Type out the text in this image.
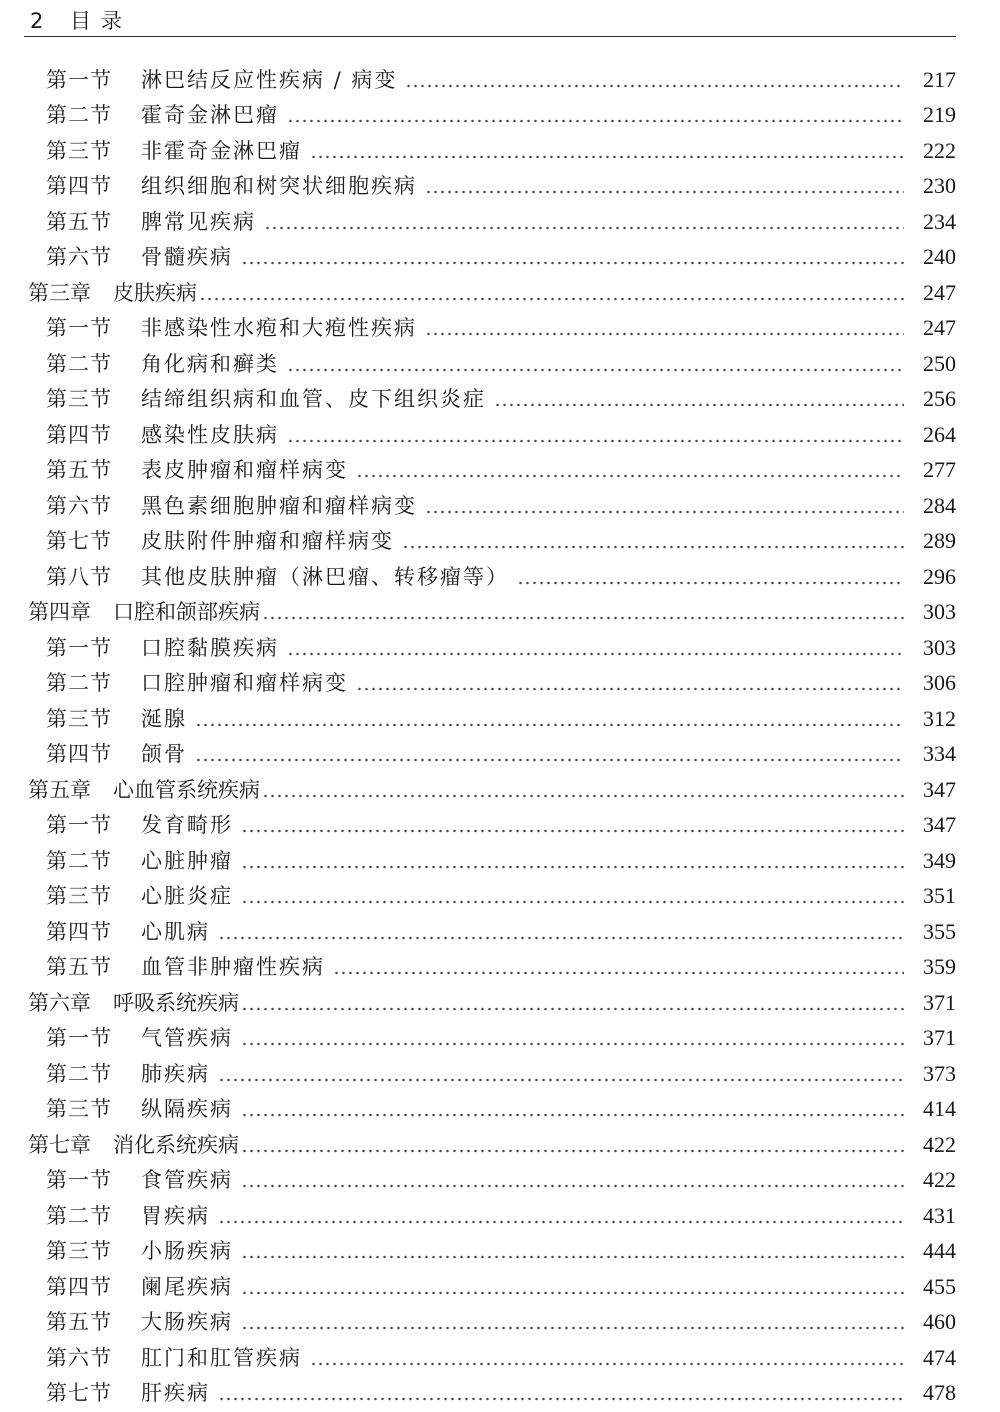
2 目录
第一节	淋巴结反应性疾病 / 病变	217
第二节	霍奇金淋巴瘤	219
第三节	非霍奇金淋巴瘤	222
第四节	组织细胞和树突状细胞疾病	230
第五节	脾常见疾病	234
第六节	骨髓疾病	240
第三章 皮肤疾病	247
第一节	非感染性水疱和大疱性疾病	247
第二节	角化病和癣类	250
第三节	结缔组织病和血管、皮下组织炎症	256
第四节	感染性皮肤病	264
第五节	表皮肿瘤和瘤样病变	277
第六节	黑色素细胞肿瘤和瘤样病变	284
第七节	皮肤附件肿瘤和瘤样病变	289
第八节	其他皮肤肿瘤（淋巴瘤、转移瘤等）	296
第四章 口腔和颌部疾病	303
第一节	口腔黏膜疾病	303
第二节	口腔肿瘤和瘤样病变	306
第三节	涎腺	312
第四节	颌骨	334
第五章 心血管系统疾病	347
第一节	发育畸形	347
第二节	心脏肿瘤	349
第三节	心脏炎症	351
第四节	心肌病	355
第五节	血管非肿瘤性疾病	359
第六章 呼吸系统疾病	371
第一节	气管疾病	371
第二节	肺疾病	373
第三节	纵隔疾病	414
第七章 消化系统疾病	422
第一节	食管疾病	422
第二节	胃疾病	431
第三节	小肠疾病	444
第四节	阑尾疾病	455
第五节	大肠疾病	460
第六节	肛门和肛管疾病	474
第七节	肝疾病	478
